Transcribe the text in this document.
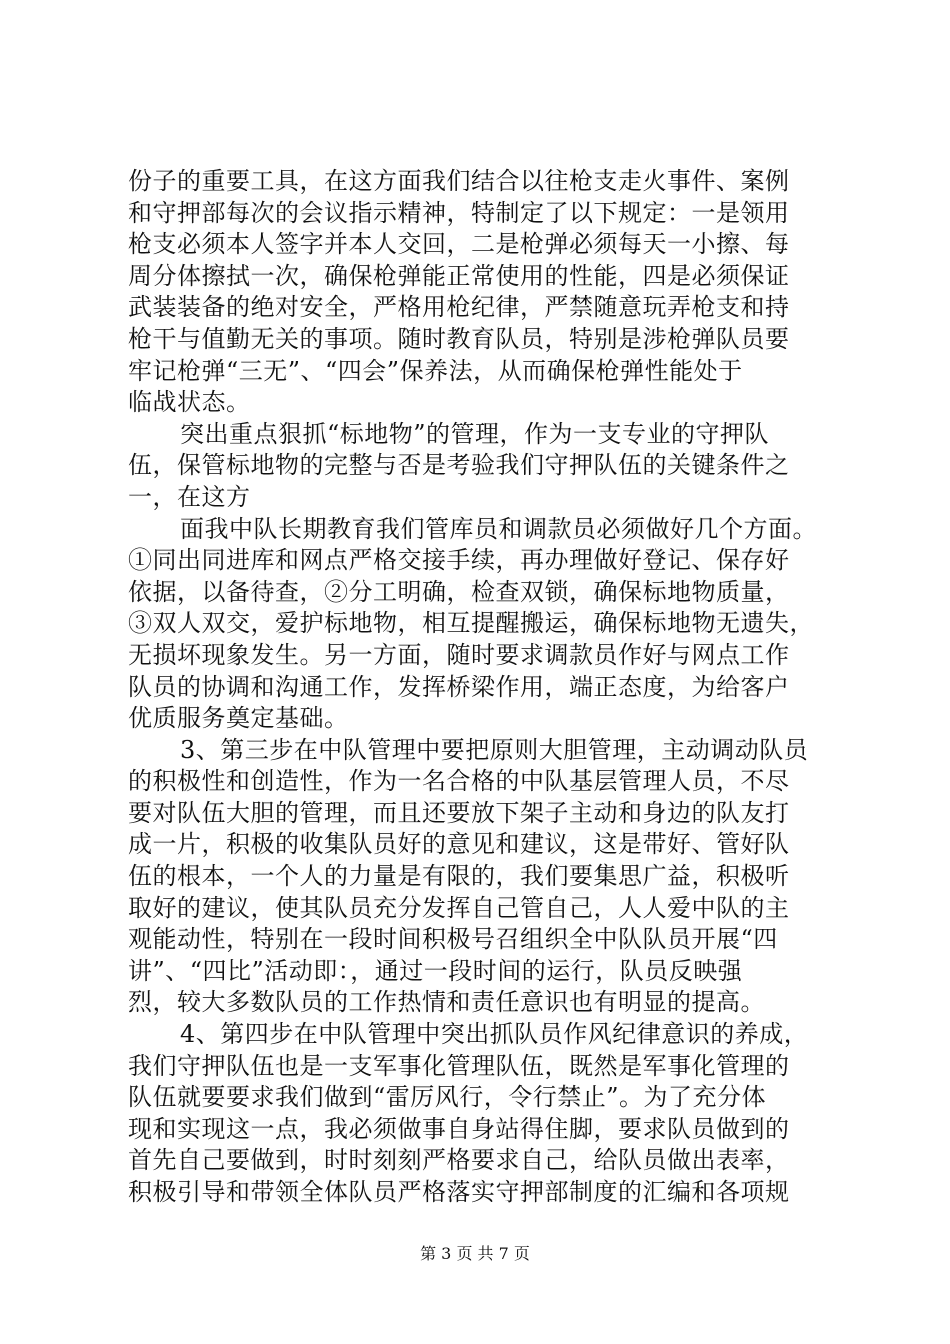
份子的重要工具，在这方面我们结合以往枪支走火事件、案例
和守押部每次的会议指示精神，特制定了以下规定：一是领用
枪支必须本人签字并本人交回，二是枪弹必须每天一小擦、每
周分体擦拭一次，确保枪弹能正常使用的性能，四是必须保证
武装装备的绝对安全，严格用枪纪律，严禁随意玩弄枪支和持
枪干与值勤无关的事项。随时教育队员，特别是涉枪弹队员要
牢记枪弹“三无”、“四会”保养法，从而确保枪弹性能处于
临战状态。
突出重点狠抓“标地物”的管理，作为一支专业的守押队
伍，保管标地物的完整与否是考验我们守押队伍的关键条件之
一，在这方
面我中队长期教育我们管库员和调款员必须做好几个方面。
①同出同进库和网点严格交接手续，再办理做好登记、保存好
依据，以备待查，②分工明确，检查双锁，确保标地物质量，
③双人双交，爱护标地物，相互提醒搬运，确保标地物无遗失，
无损坏现象发生。另一方面，随时要求调款员作好与网点工作
队员的协调和沟通工作，发挥桥梁作用，端正态度，为给客户
优质服务奠定基础。
3、第三步在中队管理中要把原则大胆管理，主动调动队员
的积极性和创造性，作为一名合格的中队基层管理人员，不尽
要对队伍大胆的管理，而且还要放下架子主动和身边的队友打
成一片，积极的收集队员好的意见和建议，这是带好、管好队
伍的根本，一个人的力量是有限的，我们要集思广益，积极听
取好的建议，使其队员充分发挥自己管自己，人人爱中队的主
观能动性，特别在一段时间积极号召组织全中队队员开展“四
讲”、“四比”活动即：，通过一段时间的运行，队员反映强
烈，较大多数队员的工作热情和责任意识也有明显的提高。
4、第四步在中队管理中突出抓队员作风纪律意识的养成，
我们守押队伍也是一支军事化管理队伍，既然是军事化管理的
队伍就要要求我们做到“雷厉风行，令行禁止”。为了充分体
现和实现这一点，我必须做事自身站得住脚，要求队员做到的
首先自己要做到，时时刻刻严格要求自己，给队员做出表率，
积极引导和带领全体队员严格落实守押部制度的汇编和各项规
第 3 页 共 7 页
